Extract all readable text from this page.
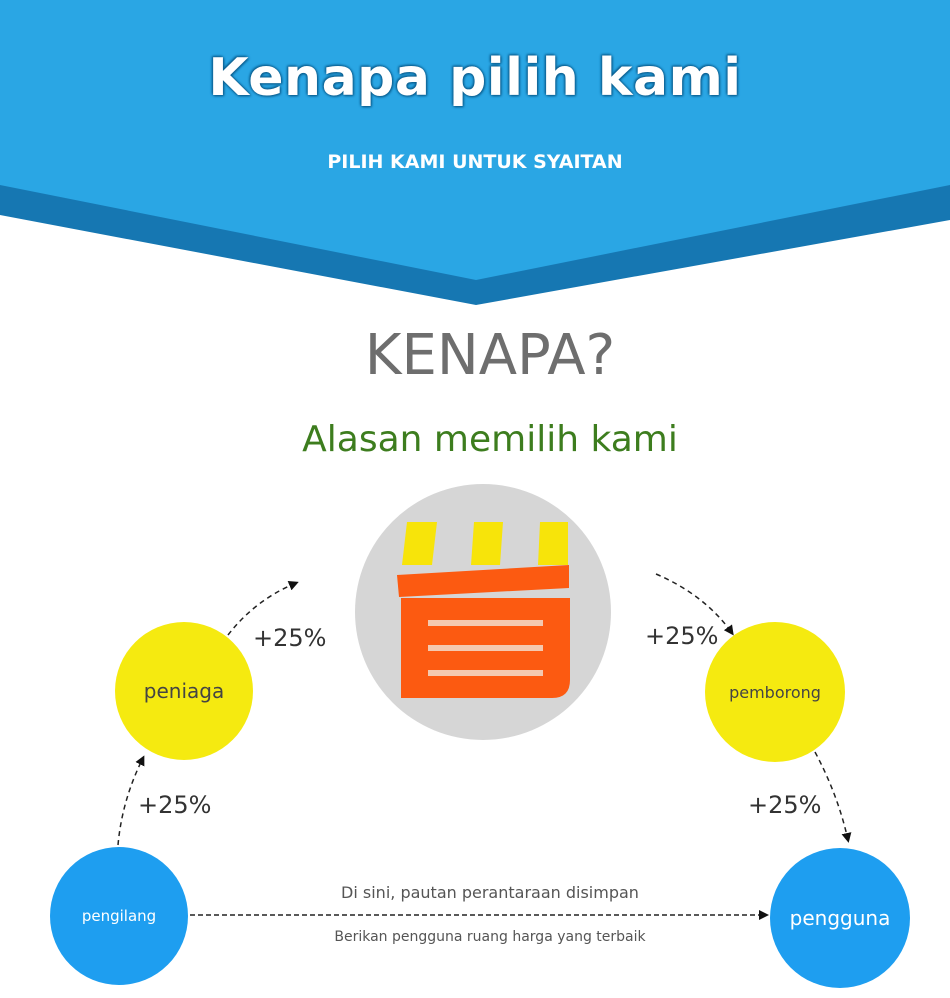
Kenapa pilih kami
PILIH KAMI UNTUK SYAITAN
KENAPA?
Alasan memilih kami
peniaga	pemborong
pengilang	pengguna
+25%	+25%
+25%	+25%
Di sini, pautan perantaraan disimpan
Berikan pengguna ruang harga yang terbaik
